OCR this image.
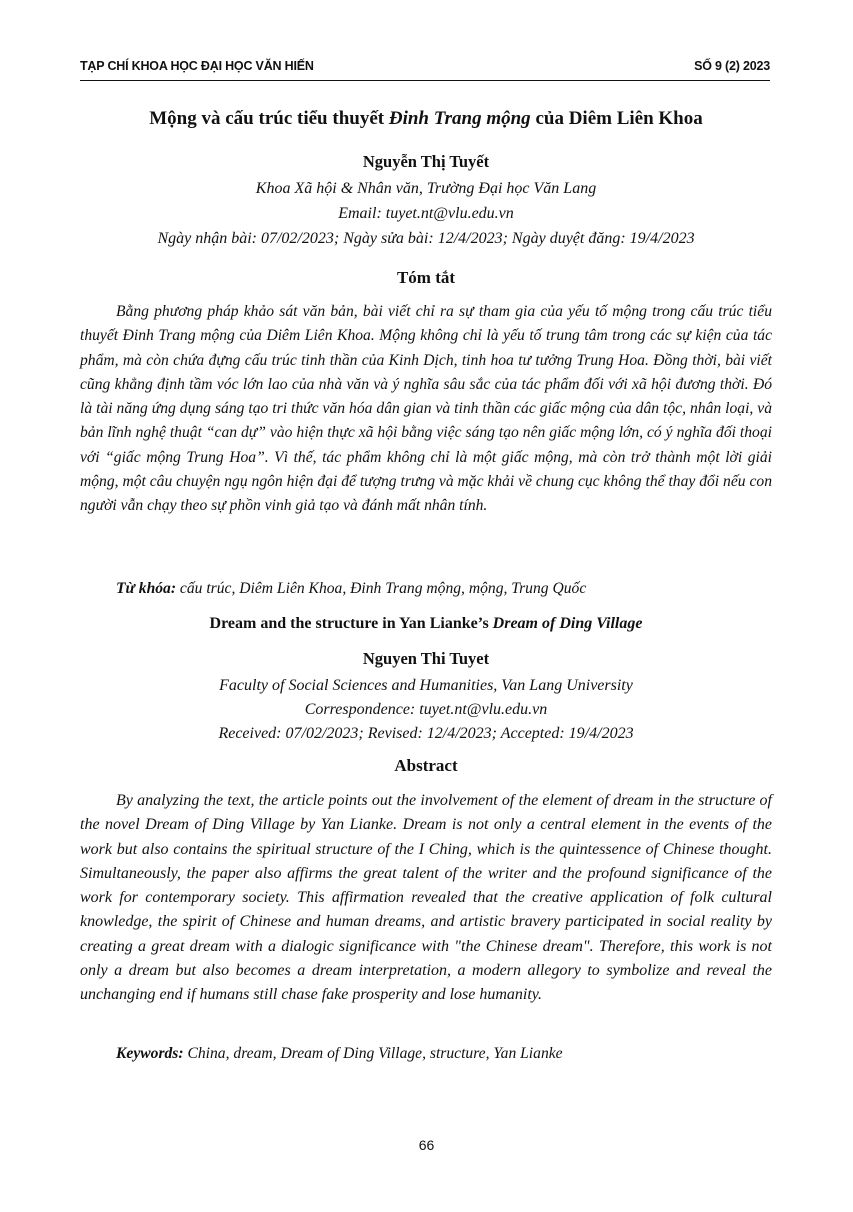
TẠP CHÍ KHOA HỌC ĐẠI HỌC VĂN HIẾN	SỐ 9 (2) 2023
Mộng và cấu trúc tiểu thuyết Đinh Trang mộng của Diêm Liên Khoa
Nguyễn Thị Tuyết
Khoa Xã hội & Nhân văn, Trường Đại học Văn Lang
Email: tuyet.nt@vlu.edu.vn
Ngày nhận bài: 07/02/2023; Ngày sửa bài: 12/4/2023; Ngày duyệt đăng: 19/4/2023
Tóm tắt
Bằng phương pháp khảo sát văn bản, bài viết chỉ ra sự tham gia của yếu tố mộng trong cấu trúc tiểu thuyết Đinh Trang mộng của Diêm Liên Khoa. Mộng không chỉ là yếu tố trung tâm trong các sự kiện của tác phẩm, mà còn chứa đựng cấu trúc tinh thần của Kinh Dịch, tinh hoa tư tưởng Trung Hoa. Đồng thời, bài viết cũng khẳng định tầm vóc lớn lao của nhà văn và ý nghĩa sâu sắc của tác phẩm đối với xã hội đương thời. Đó là tài năng ứng dụng sáng tạo tri thức văn hóa dân gian và tinh thần các giấc mộng của dân tộc, nhân loại, và bản lĩnh nghệ thuật “can dự” vào hiện thực xã hội bằng việc sáng tạo nên giấc mộng lớn, có ý nghĩa đối thoại với “giấc mộng Trung Hoa”. Vì thế, tác phẩm không chỉ là một giấc mộng, mà còn trở thành một lời giải mộng, một câu chuyện ngụ ngôn hiện đại để tượng trưng và mặc khải về chung cục không thể thay đổi nếu con người vẫn chạy theo sự phồn vinh giả tạo và đánh mất nhân tính.
Từ khóa: cấu trúc, Diêm Liên Khoa, Đinh Trang mộng, mộng, Trung Quốc
Dream and the structure in Yan Lianke’s Dream of Ding Village
Nguyen Thi Tuyet
Faculty of Social Sciences and Humanities, Van Lang University
Correspondence: tuyet.nt@vlu.edu.vn
Received: 07/02/2023; Revised: 12/4/2023; Accepted: 19/4/2023
Abstract
By analyzing the text, the article points out the involvement of the element of dream in the structure of the novel Dream of Ding Village by Yan Lianke. Dream is not only a central element in the events of the work but also contains the spiritual structure of the I Ching, which is the quintessence of Chinese thought. Simultaneously, the paper also affirms the great talent of the writer and the profound significance of the work for contemporary society. This affirmation revealed that the creative application of folk cultural knowledge, the spirit of Chinese and human dreams, and artistic bravery participated in social reality by creating a great dream with a dialogic significance with "the Chinese dream". Therefore, this work is not only a dream but also becomes a dream interpretation, a modern allegory to symbolize and reveal the unchanging end if humans still chase fake prosperity and lose humanity.
Keywords: China, dream, Dream of Ding Village, structure, Yan Lianke
66
